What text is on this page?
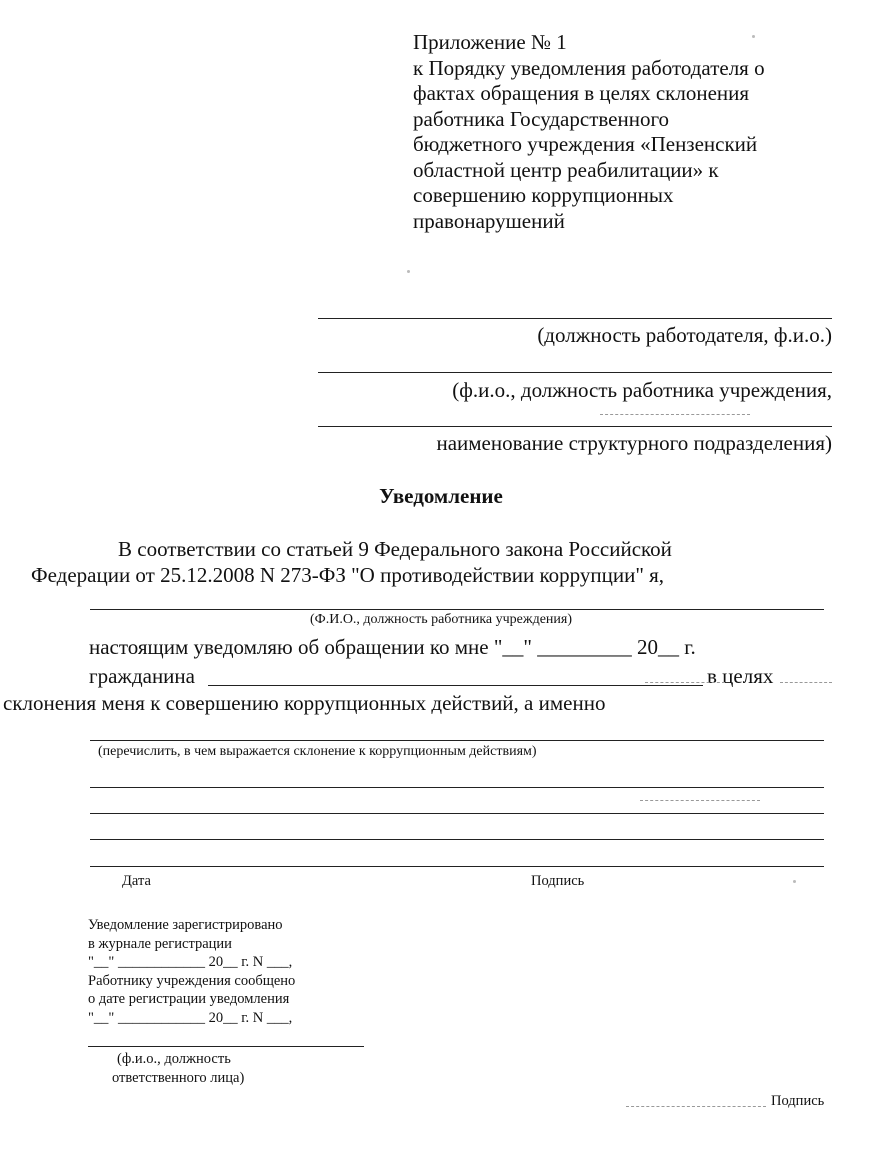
Приложение № 1
к Порядку уведомления работодателя о
фактах обращения в целях склонения
работника Государственного
бюджетного учреждения «Пензенский
областной центр реабилитации» к
совершению коррупционных
правонарушений
(должность работодателя, ф.и.о.)
(ф.и.о., должность работника учреждения,
наименование структурного подразделения)
Уведомление
В соответствии со статьей 9 Федерального закона Российской
Федерации от 25.12.2008 N 273-ФЗ "О противодействии коррупции" я,
(Ф.И.О., должность работника учреждения)
настоящим уведомляю об обращении ко мне "__" _________ 20__ г.
гражданина	в целях
склонения меня к совершению коррупционных действий, а именно
(перечислить, в чем выражается склонение к коррупционным действиям)
Дата	Подпись
Уведомление зарегистрировано
в журнале регистрации
"__" ____________ 20__ г. N ___,
Работнику учреждения сообщено
о дате регистрации уведомления
"__" ____________ 20__ г. N ___,
(ф.и.о., должность
ответственного лица)
Подпись
